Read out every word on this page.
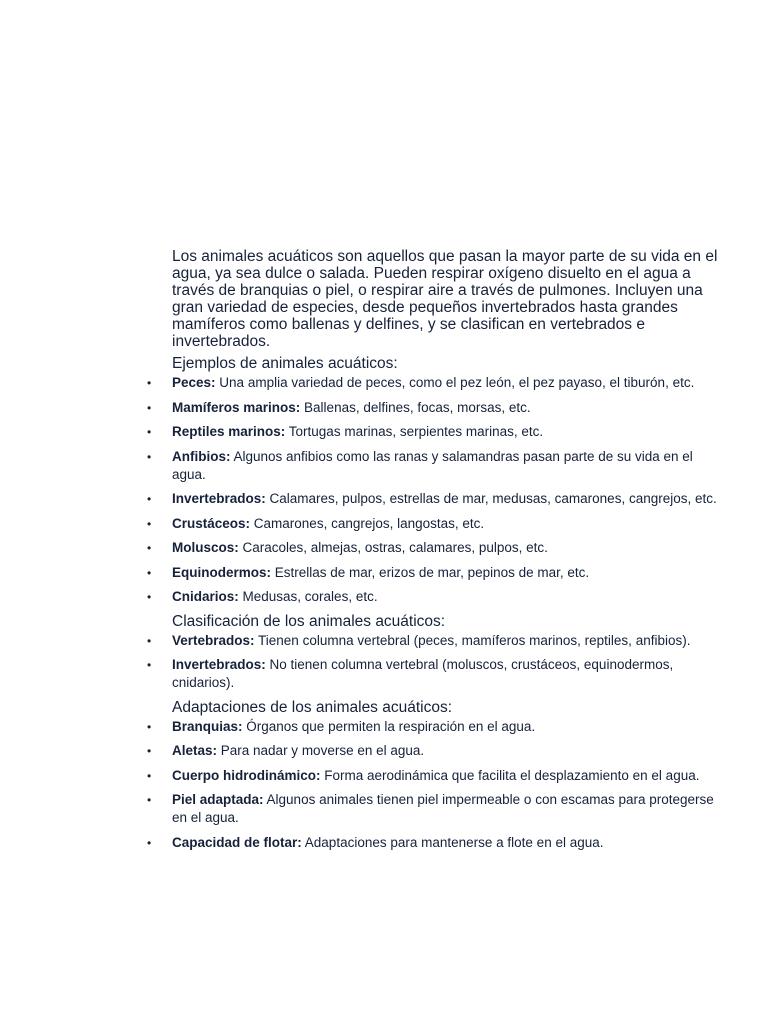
Los animales acuáticos son aquellos que pasan la mayor parte de su vida en el agua, ya sea dulce o salada. Pueden respirar oxígeno disuelto en el agua a través de branquias o piel, o respirar aire a través de pulmones. Incluyen una gran variedad de especies, desde pequeños invertebrados hasta grandes mamíferos como ballenas y delfines, y se clasifican en vertebrados e invertebrados.

Ejemplos de animales acuáticos:

• Peces: Una amplia variedad de peces, como el pez león, el pez payaso, el tiburón, etc.
• Mamíferos marinos: Ballenas, delfines, focas, morsas, etc.
• Reptiles marinos: Tortugas marinas, serpientes marinas, etc.
• Anfibios: Algunos anfibios como las ranas y salamandras pasan parte de su vida en el agua.
• Invertebrados: Calamares, pulpos, estrellas de mar, medusas, camarones, cangrejos, etc.
• Crustáceos: Camarones, cangrejos, langostas, etc.
• Moluscos: Caracoles, almejas, ostras, calamares, pulpos, etc.
• Equinodermos: Estrellas de mar, erizos de mar, pepinos de mar, etc.
• Cnidarios: Medusas, corales, etc.

Clasificación de los animales acuáticos:

• Vertebrados: Tienen columna vertebral (peces, mamíferos marinos, reptiles, anfibios).
• Invertebrados: No tienen columna vertebral (moluscos, crustáceos, equinodermos, cnidarios).

Adaptaciones de los animales acuáticos:

• Branquias: Órganos que permiten la respiración en el agua.
• Aletas: Para nadar y moverse en el agua.
• Cuerpo hidrodinámico: Forma aerodinámica que facilita el desplazamiento en el agua.
• Piel adaptada: Algunos animales tienen piel impermeable o con escamas para protegerse en el agua.
• Capacidad de flotar: Adaptaciones para mantenerse a flote en el agua.
